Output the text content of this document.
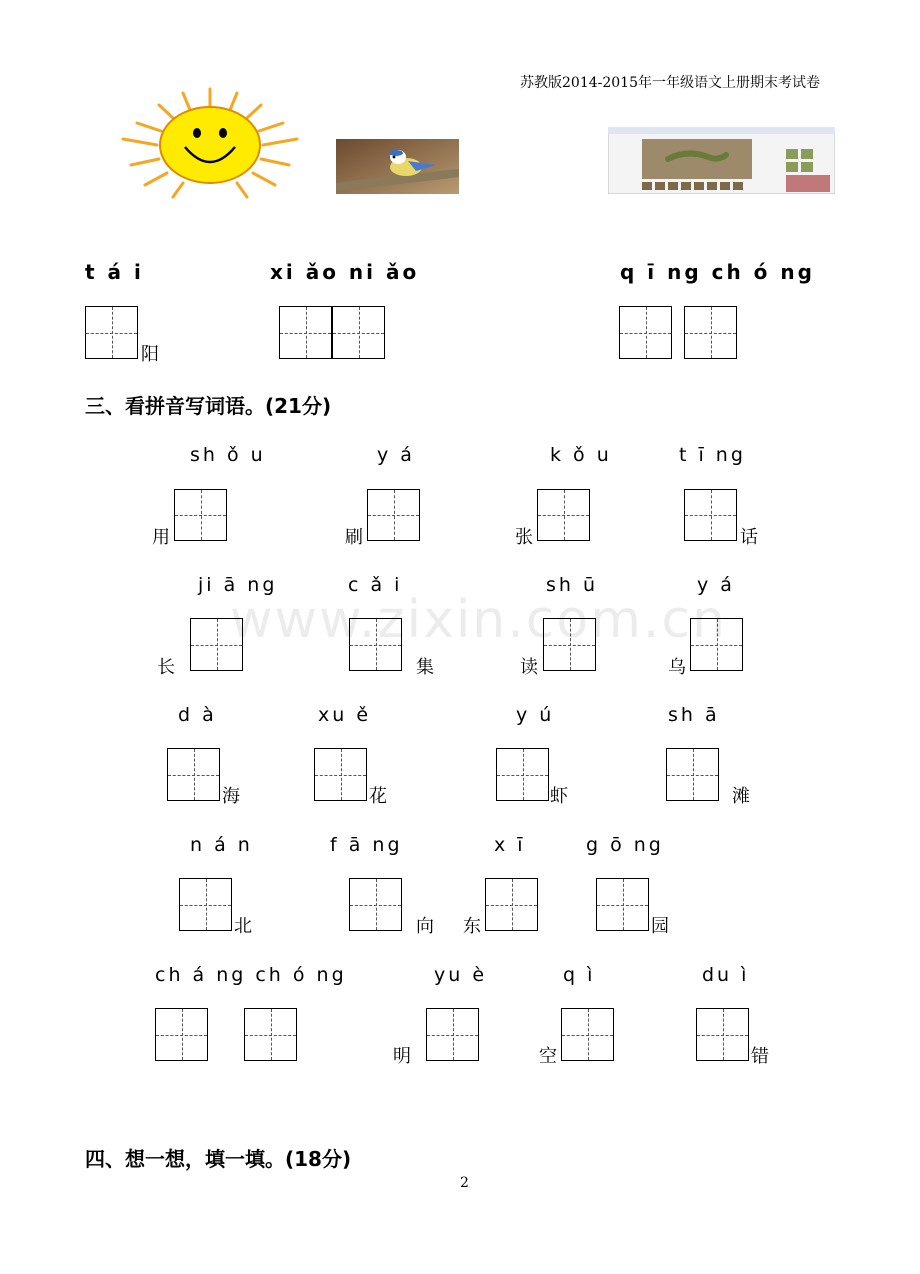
苏教版2014-2015年一年级语文上册期末考试卷
t á i
阳
xi ǎo ni ǎo	q ī ng ch ó ng
三、看拼音写词语。(21分)
sh ǒ u
用
y á
刷
k ǒ u
张
t ī ng
话
ji ā ng
长
c ǎ i
集
sh ū
读
y á
乌
d à
海
xu ě
花
y ú
虾
sh ā
滩
n á n
北
f ā ng
向
x ī
东
g ō ng
园
ch á ng ch ó ng	yu è
明
q ì
空
du ì
错
四、想一想，填一填。(18分)
www.zixin.com.cn
2
